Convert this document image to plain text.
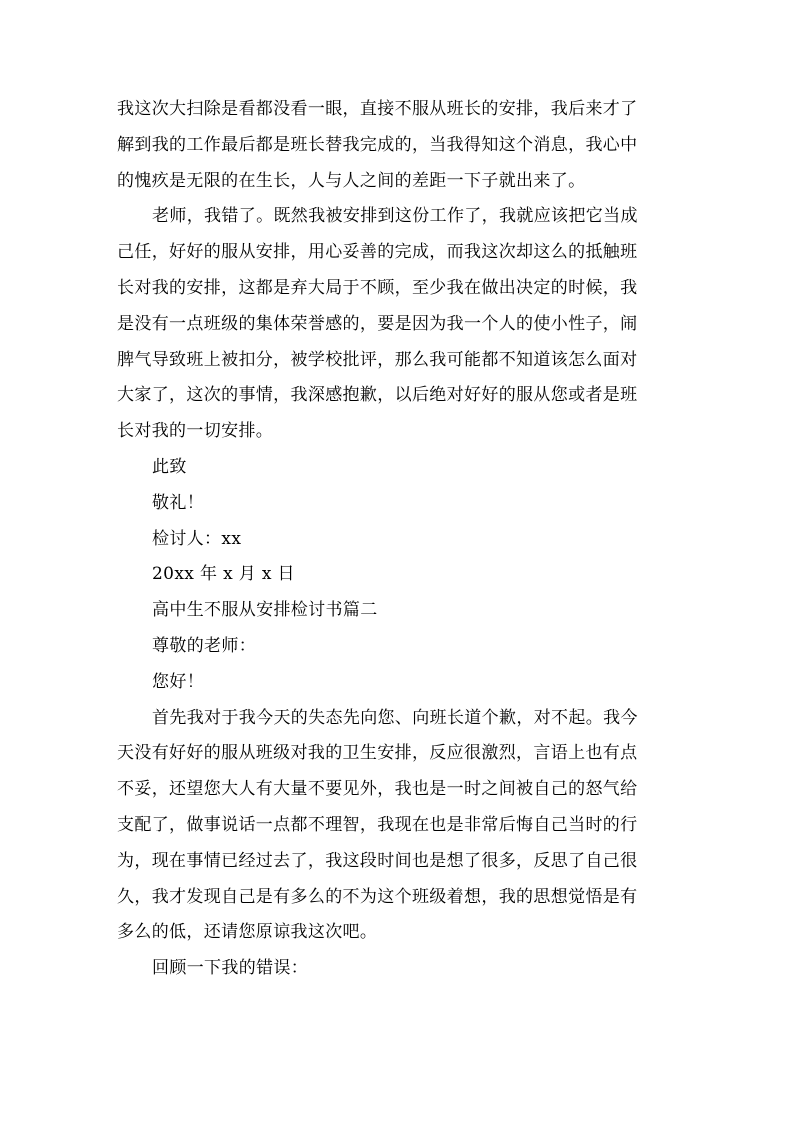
我这次大扫除是看都没看一眼，直接不服从班长的安排，我后来才了
解到我的工作最后都是班长替我完成的，当我得知这个消息，我心中
的愧疚是无限的在生长，人与人之间的差距一下子就出来了。
老师，我错了。既然我被安排到这份工作了，我就应该把它当成
己任，好好的服从安排，用心妥善的完成，而我这次却这么的抵触班
长对我的安排，这都是弃大局于不顾，至少我在做出决定的时候，我
是没有一点班级的集体荣誉感的，要是因为我一个人的使小性子，闹
脾气导致班上被扣分，被学校批评，那么我可能都不知道该怎么面对
大家了，这次的事情，我深感抱歉，以后绝对好好的服从您或者是班
长对我的一切安排。
此致
敬礼！
检讨人：xx
20xx 年 x 月 x 日
高中生不服从安排检讨书篇二
尊敬的老师：
您好！
首先我对于我今天的失态先向您、向班长道个歉，对不起。我今
天没有好好的服从班级对我的卫生安排，反应很激烈，言语上也有点
不妥，还望您大人有大量不要见外，我也是一时之间被自己的怒气给
支配了，做事说话一点都不理智，我现在也是非常后悔自己当时的行
为，现在事情已经过去了，我这段时间也是想了很多，反思了自己很
久，我才发现自己是有多么的不为这个班级着想，我的思想觉悟是有
多么的低，还请您原谅我这次吧。
回顾一下我的错误：
